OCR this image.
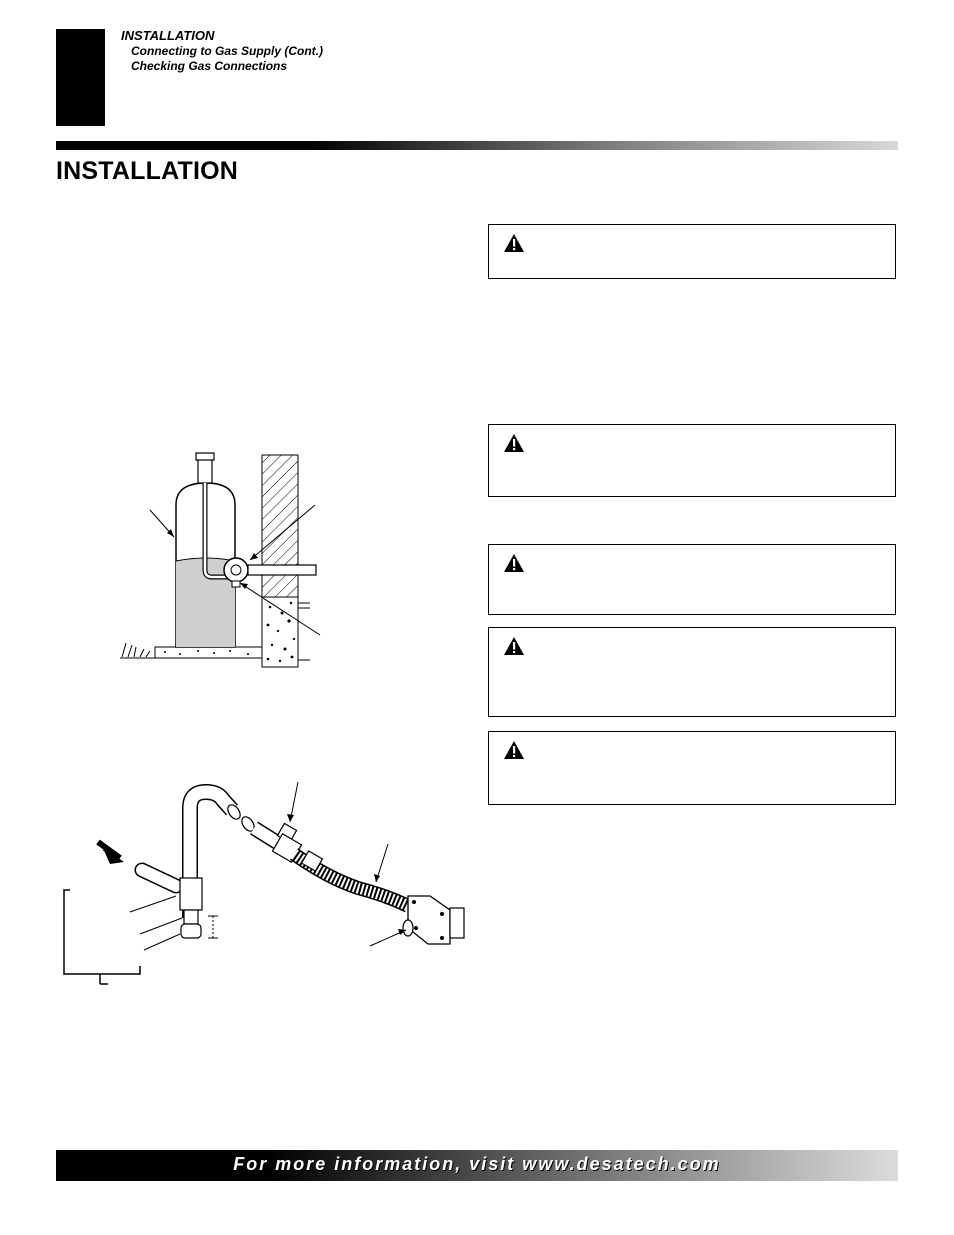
INSTALLATION
Connecting to Gas Supply (Cont.)
Checking Gas Connections
INSTALLATION
For more information, visit www.desatech.com
